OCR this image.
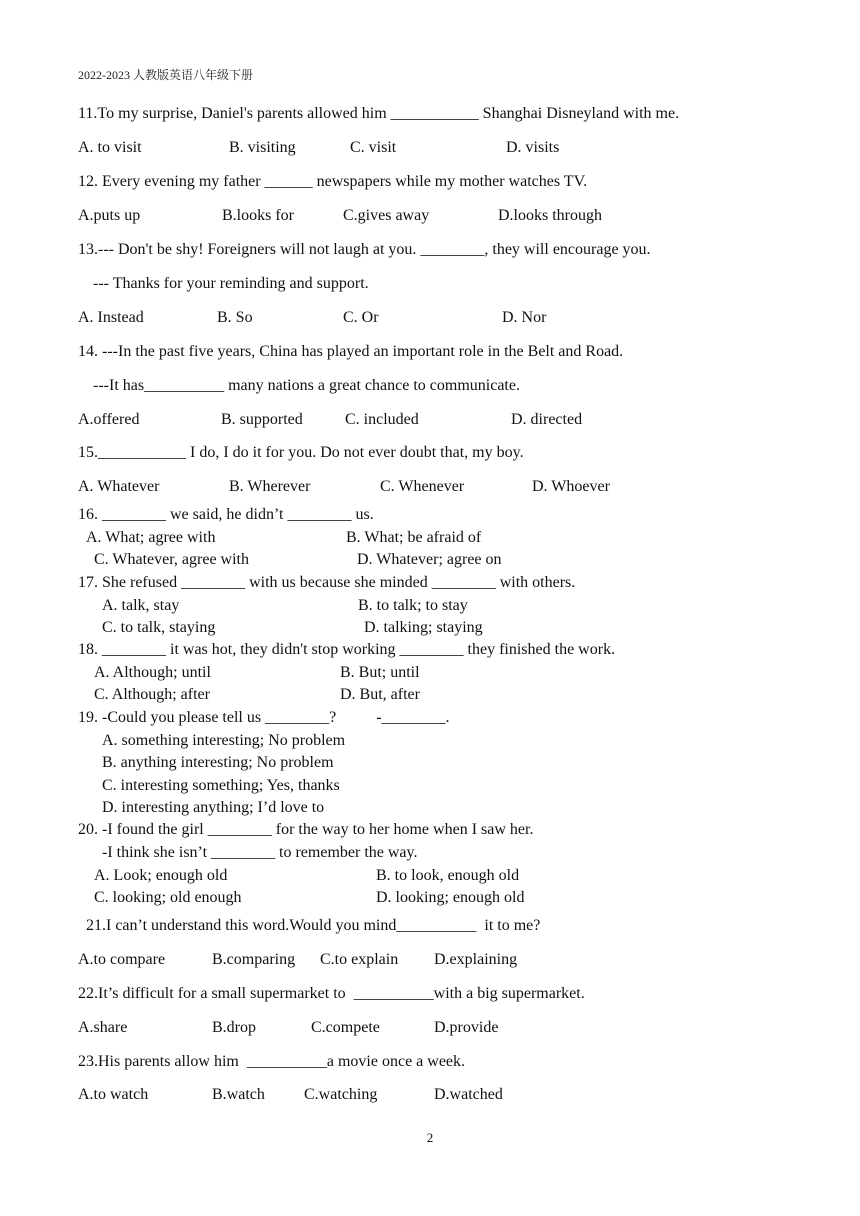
2022-2023 人教版英语八年级下册
11.To my surprise, Daniel's parents allowed him ___________ Shanghai Disneyland with me.
A. to visit	B. visiting	C. visit	D. visits
12. Every evening my father ______ newspapers while my mother watches TV.
A.puts up	B.looks for	C.gives away	D.looks through
13.--- Don't be shy! Foreigners will not laugh at you. ________, they will encourage you.
--- Thanks for your reminding and support.
A. Instead	B. So	C. Or	D. Nor
14. ---In the past five years, China has played an important role in the Belt and Road.
---It has__________ many nations a great chance to communicate.
A.offered	B. supported	C. included	D. directed
15.___________ I do, I do it for you. Do not ever doubt that, my boy.
A. Whatever	B. Wherever	C. Whenever	D. Whoever
16. ________ we said, he didn’t ________ us.
A. What; agree with	B. What; be afraid of
C. Whatever, agree with	D. Whatever; agree on
17. She refused ________ with us because she minded ________ with others.
A. talk, stay	B. to talk; to stay
C. to talk, staying	D. talking; staying
18. ________ it was hot, they didn't stop working ________ they finished the work.
A. Although; until	B. But; until
C. Although; after	D. But, after
19. -Could you please tell us ________?          -________.
A. something interesting; No problem
B. anything interesting; No problem
C. interesting something; Yes, thanks
D. interesting anything; I’d love to
20. -I found the girl ________ for the way to her home when I saw her.
-I think she isn’t ________ to remember the way.
A. Look; enough old	B. to look, enough old
C. looking; old enough	D. looking; enough old
21.I can’t understand this word.Would you mind__________  it to me?
A.to compare	B.comparing C.to explain D.explaining
22.It’s difficult for a small supermarket to  __________with a big supermarket.
A.share	B.drop	C.compete	D.provide
23.His parents allow him  __________a movie once a week.
A.to watch	B.watch C.watching	D.watched
2
